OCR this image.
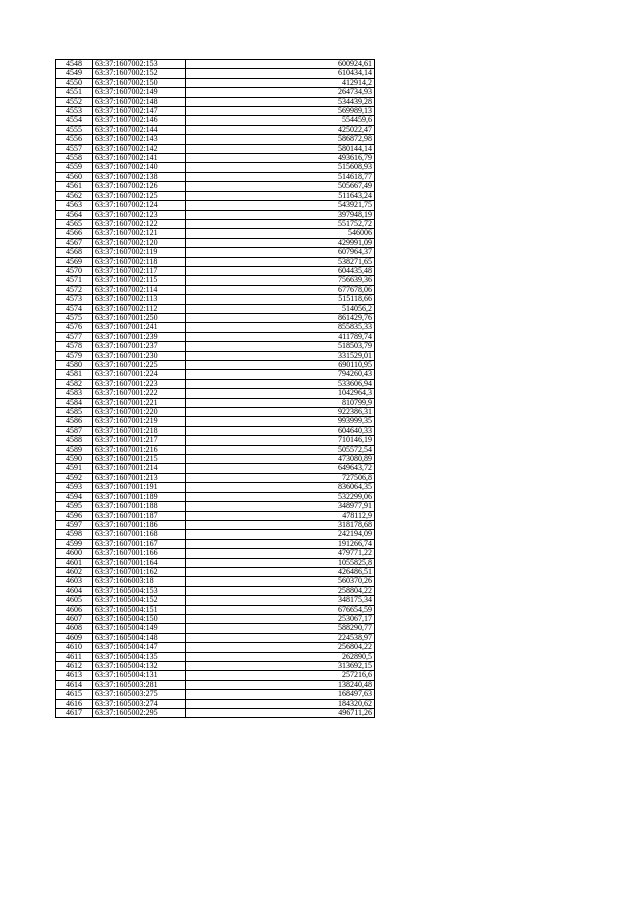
4548	63:37:1607002:153	600924,61
4549	63:37:1607002:152	610434,14
4550	63:37:1607002:150	412914,2
4551	63:37:1607002:149	264734,93
4552	63:37:1607002:148	534439,28
4553	63:37:1607002:147	569989,13
4554	63:37:1607002:146	554459,6
4555	63:37:1607002:144	425022,47
4556	63:37:1607002:143	586872,98
4557	63:37:1607002:142	580144,14
4558	63:37:1607002:141	493616,79
4559	63:37:1607002:140	515608,93
4560	63:37:1607002:138	514618,77
4561	63:37:1607002:126	505667,49
4562	63:37:1607002:125	511643,24
4563	63:37:1607002:124	543921,75
4564	63:37:1607002:123	397948,19
4565	63:37:1607002:122	551752,72
4566	63:37:1607002:121	546006
4567	63:37:1607002:120	429991,09
4568	63:37:1607002:119	607964,37
4569	63:37:1607002:118	538271,65
4570	63:37:1607002:117	604435,48
4571	63:37:1607002:115	756639,36
4572	63:37:1607002:114	677678,06
4573	63:37:1607002:113	515118,66
4574	63:37:1607002:112	514056,2
4575	63:37:1607001:250	861429,76
4576	63:37:1607001:241	855835,33
4577	63:37:1607001:239	411789,74
4578	63:37:1607001:237	518503,79
4579	63:37:1607001:230	331529,01
4580	63:37:1607001:225	690110,95
4581	63:37:1607001:224	794260,43
4582	63:37:1607001:223	533606,94
4583	63:37:1607001:222	1042964,3
4584	63:37:1607001:221	810799,9
4585	63:37:1607001:220	922386,31
4586	63:37:1607001:219	993999,35
4587	63:37:1607001:218	604640,33
4588	63:37:1607001:217	710146,19
4589	63:37:1607001:216	505572,54
4590	63:37:1607001:215	473080,89
4591	63:37:1607001:214	649643,72
4592	63:37:1607001:213	727506,8
4593	63:37:1607001:191	836064,35
4594	63:37:1607001:189	532299,06
4595	63:37:1607001:188	348977,91
4596	63:37:1607001:187	478112,9
4597	63:37:1607001:186	318178,68
4598	63:37:1607001:168	242194,09
4599	63:37:1607001:167	191266,74
4600	63:37:1607001:166	479771,22
4601	63:37:1607001:164	1055825,8
4602	63:37:1607001:162	426486,51
4603	63:37:1606003:18	560370,26
4604	63:37:1605004:153	258804,22
4605	63:37:1605004:152	348175,34
4606	63:37:1605004:151	676654,59
4607	63:37:1605004:150	253067,17
4608	63:37:1605004:149	588290,77
4609	63:37:1605004:148	224538,97
4610	63:37:1605004:147	256804,22
4611	63:37:1605004:135	262890,5
4612	63:37:1605004:132	313692,15
4613	63:37:1605004:131	257216,6
4614	63:37:1605003:281	138240,48
4615	63:37:1605003:275	168497,63
4616	63:37:1605003:274	184320,62
4617	63:37:1605002:295	496711,26
